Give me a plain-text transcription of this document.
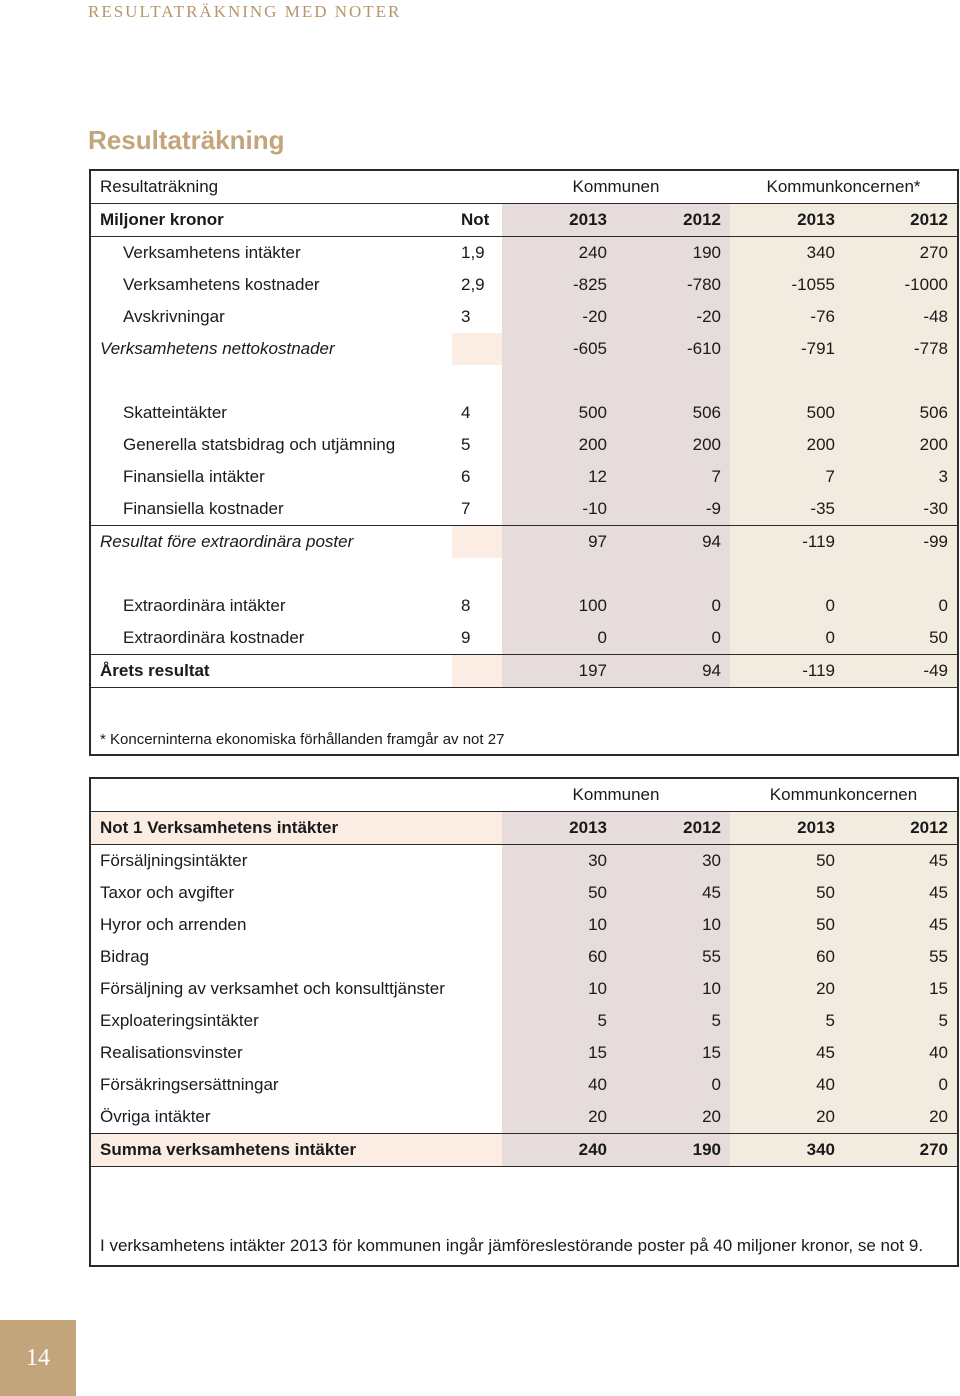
RESULTATRÄKNING MED NOTER
Resultaträkning
Resultaträkning		Kommunen		Kommunkoncernen*	
Miljoner kronor	Not	2013	2012	2013	2012
Verksamhetens intäkter	1,9	240	190	340	270
Verksamhetens kostnader	2,9	-825	-780	-1055	-1000
Avskrivningar	3	-20	-20	-76	-48
Verksamhetens nettokostnader		-605	-610	-791	-778

Skatteintäkter	4	500	506	500	506
Generella statsbidrag och utjämning	5	200	200	200	200
Finansiella intäkter	6	12	7	7	3
Finansiella kostnader	7	-10	-9	-35	-30
Resultat före extraordinära poster		97	94	-119	-99

Extraordinära intäkter	8	100	0	0	0
Extraordinära kostnader	9	0	0	0	50
Årets resultat		197	94	-119	-49
* Koncerninterna ekonomiska förhållanden framgår av not 27					
	Kommunen		Kommunkoncernen	
Not 1 Verksamhetens intäkter	2013	2012	2013	2012
Försäljningsintäkter	30	30	50	45
Taxor och avgifter	50	45	50	45
Hyror och arrenden	10	10	50	45
Bidrag	60	55	60	55
Försäljning av verksamhet och konsulttjänster	10	10	20	15
Exploateringsintäkter	5	5	5	5
Realisationsvinster	15	15	45	40
Försäkringsersättningar	40	0	40	0
Övriga intäkter	20	20	20	20
Summa verksamhetens intäkter	240	190	340	270
I verksamhetens intäkter 2013 för kommunen ingår jämföreslestörande poster på 40 miljoner kronor, se not 9.				
14
